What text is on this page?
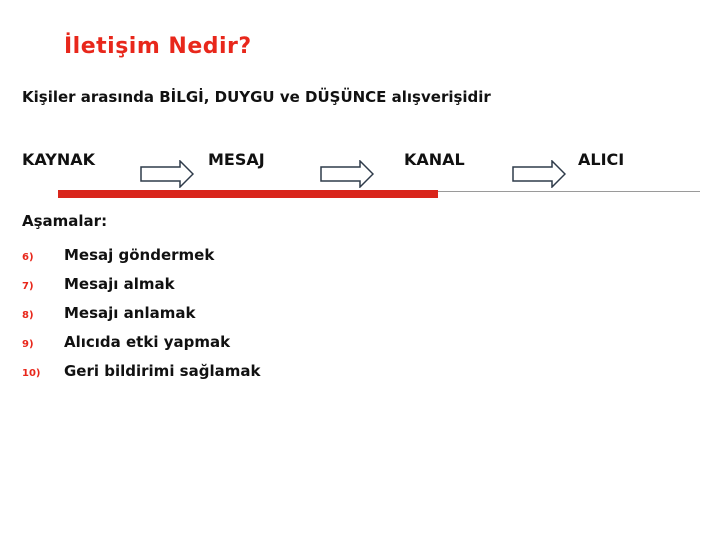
İletişim Nedir?
Kişiler arasında BİLGİ, DUYGU ve DÜŞÜNCE alışverişidir
KAYNAK	MESAJ	KANAL	ALICI
Aşamalar:
6) Mesaj göndermek
7) Mesajı almak
8) Mesajı anlamak
9) Alıcıda etki yapmak
10) Geri bildirimi sağlamak
